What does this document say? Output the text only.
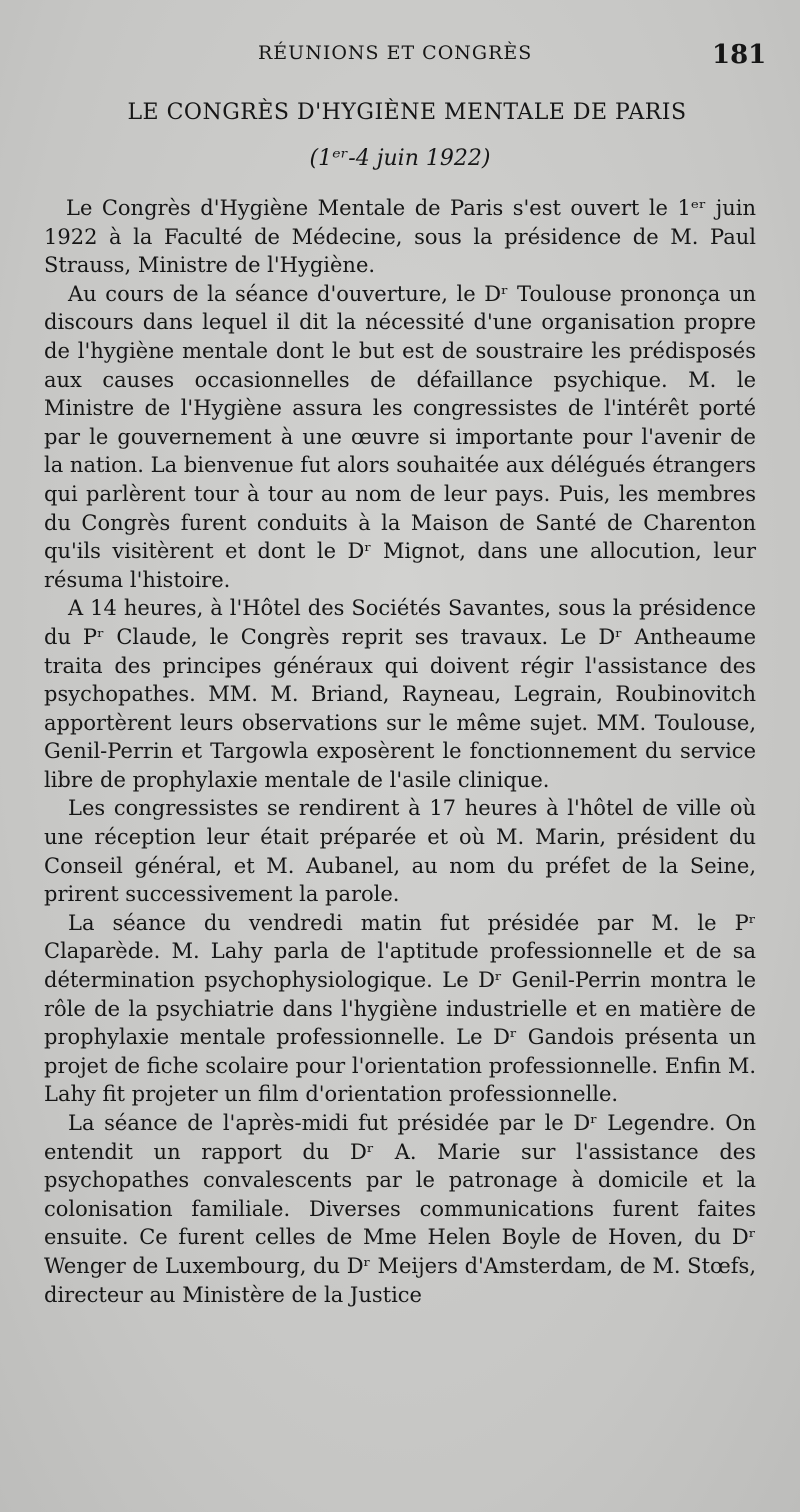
RÉUNIONS ET CONGRÈS	181
LE CONGRÈS D'HYGIÈNE MENTALE DE PARIS
(1ᵉʳ-4 juin 1922)

Le Congrès d'Hygiène Mentale de Paris s'est ouvert le 1ᵉʳ juin 1922 à la Faculté de Médecine, sous la présidence de M. Paul Strauss, Ministre de l'Hygiène.

Au cours de la séance d'ouverture, le Dʳ Toulouse prononça un discours dans lequel il dit la nécessité d'une organisation propre de l'hygiène mentale dont le but est de soustraire les prédisposés aux causes occasionnelles de défaillance psychique. M. le Ministre de l'Hygiène assura les congressistes de l'intérêt porté par le gouvernement à une œuvre si importante pour l'avenir de la nation. La bienvenue fut alors souhaitée aux délégués étrangers qui parlèrent tour à tour au nom de leur pays. Puis, les membres du Congrès furent conduits à la Maison de Santé de Charenton qu'ils visitèrent et dont le Dʳ Mignot, dans une allocution, leur résuma l'histoire.

A 14 heures, à l'Hôtel des Sociétés Savantes, sous la présidence du Pʳ Claude, le Congrès reprit ses travaux. Le Dʳ Antheaume traita des principes généraux qui doivent régir l'assistance des psychopathes. MM. M. Briand, Rayneau, Legrain, Roubinovitch apportèrent leurs observations sur le même sujet. MM. Toulouse, Genil-Perrin et Targowla exposèrent le fonctionnement du service libre de prophylaxie mentale de l'asile clinique.

Les congressistes se rendirent à 17 heures à l'hôtel de ville où une réception leur était préparée et où M. Marin, président du Conseil général, et M. Aubanel, au nom du préfet de la Seine, prirent successivement la parole.

La séance du vendredi matin fut présidée par M. le Pʳ Claparède. M. Lahy parla de l'aptitude professionnelle et de sa détermination psychophysiologique. Le Dʳ Genil-Perrin montra le rôle de la psychiatrie dans l'hygiène industrielle et en matière de prophylaxie mentale professionnelle. Le Dʳ Gandois présenta un projet de fiche scolaire pour l'orientation professionnelle. Enfin M. Lahy fit projeter un film d'orientation professionnelle.

La séance de l'après-midi fut présidée par le Dʳ Legendre. On entendit un rapport du Dʳ A. Marie sur l'assistance des psychopathes convalescents par le patronage à domicile et la colonisation familiale. Diverses communications furent faites ensuite. Ce furent celles de Mme Helen Boyle de Hoven, du Dʳ Wenger de Luxembourg, du Dʳ Meijers d'Amsterdam, de M. Stœfs, directeur au Ministère de la Justice
